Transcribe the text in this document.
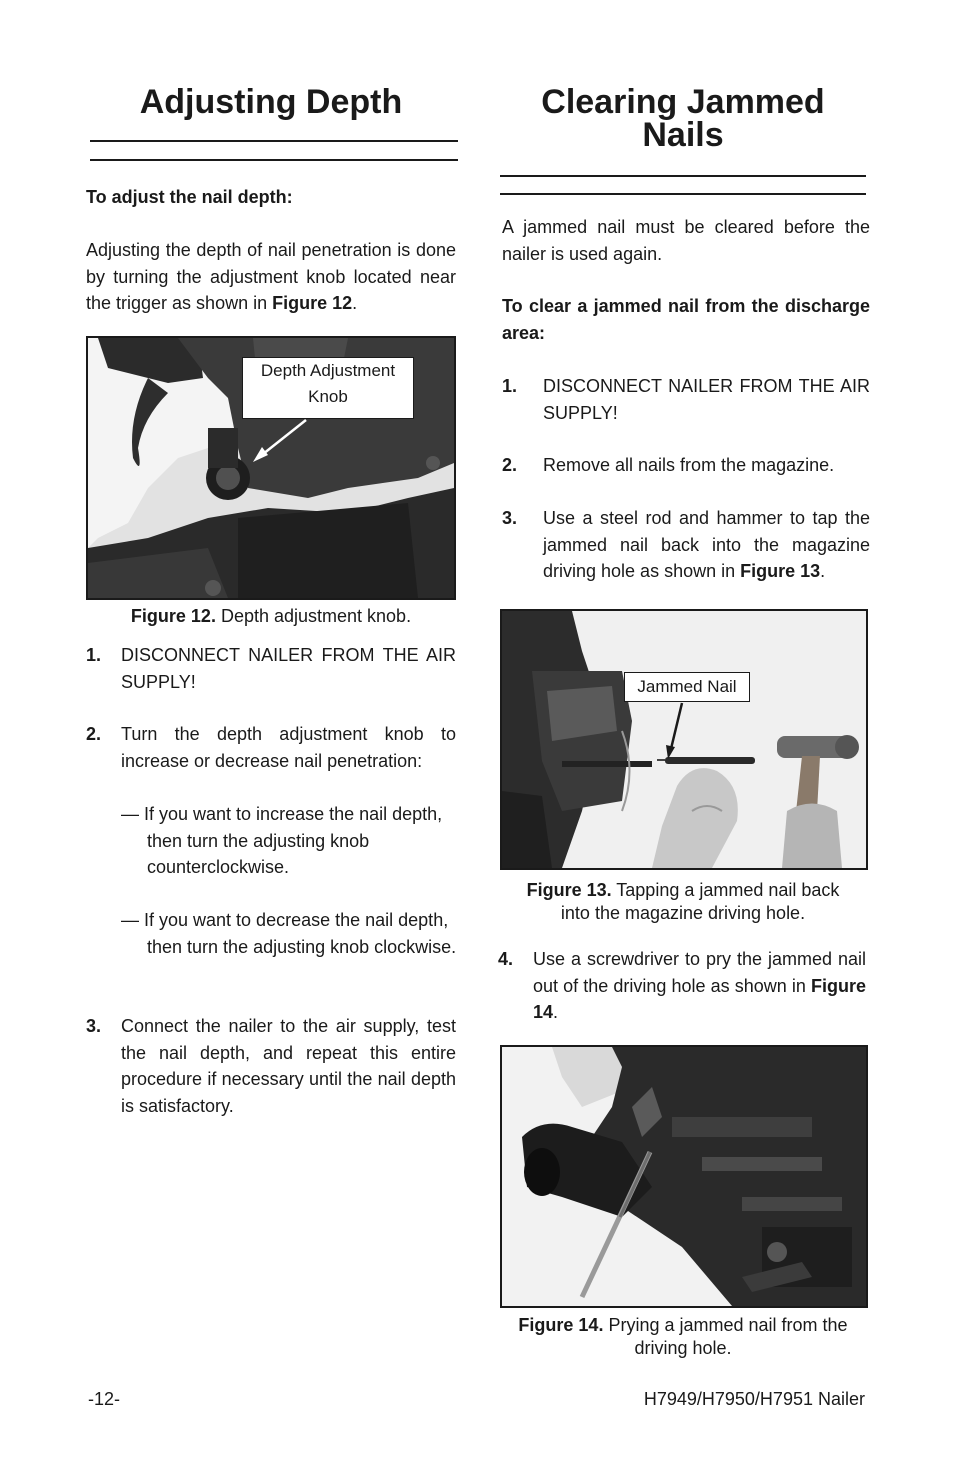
Adjusting Depth

To adjust the nail depth:

Adjusting the depth of nail penetration is done by turning the adjustment knob located near the trigger as shown in Figure 12.

Depth Adjustment
Knob
Figure 12. Depth adjustment knob.
1. DISCONNECT NAILER FROM THE AIR SUPPLY!
2. Turn the depth adjustment knob to increase or decrease nail penetration:
— If you want to increase the nail depth, then turn the adjusting knob counterclockwise.
— If you want to decrease the nail depth, then turn the adjusting knob clockwise.
3. Connect the nailer to the air supply, test the nail depth, and repeat this entire procedure if necessary until the nail depth is satisfactory.
Clearing Jammed
Nails

A jammed nail must be cleared before the nailer is used again.

To clear a jammed nail from the discharge area:

1. DISCONNECT NAILER FROM THE AIR SUPPLY!
2. Remove all nails from the magazine.
3. Use a steel rod and hammer to tap the jammed nail back into the magazine driving hole as shown in Figure 13.
Jammed Nail
Figure 13. Tapping a jammed nail back
into the magazine driving hole.
4. Use a screwdriver to pry the jammed nail out of the driving hole as shown in Figure 14.
Figure 14. Prying a jammed nail from the
driving hole.
-12-	H7949/H7950/H7951 Nailer
